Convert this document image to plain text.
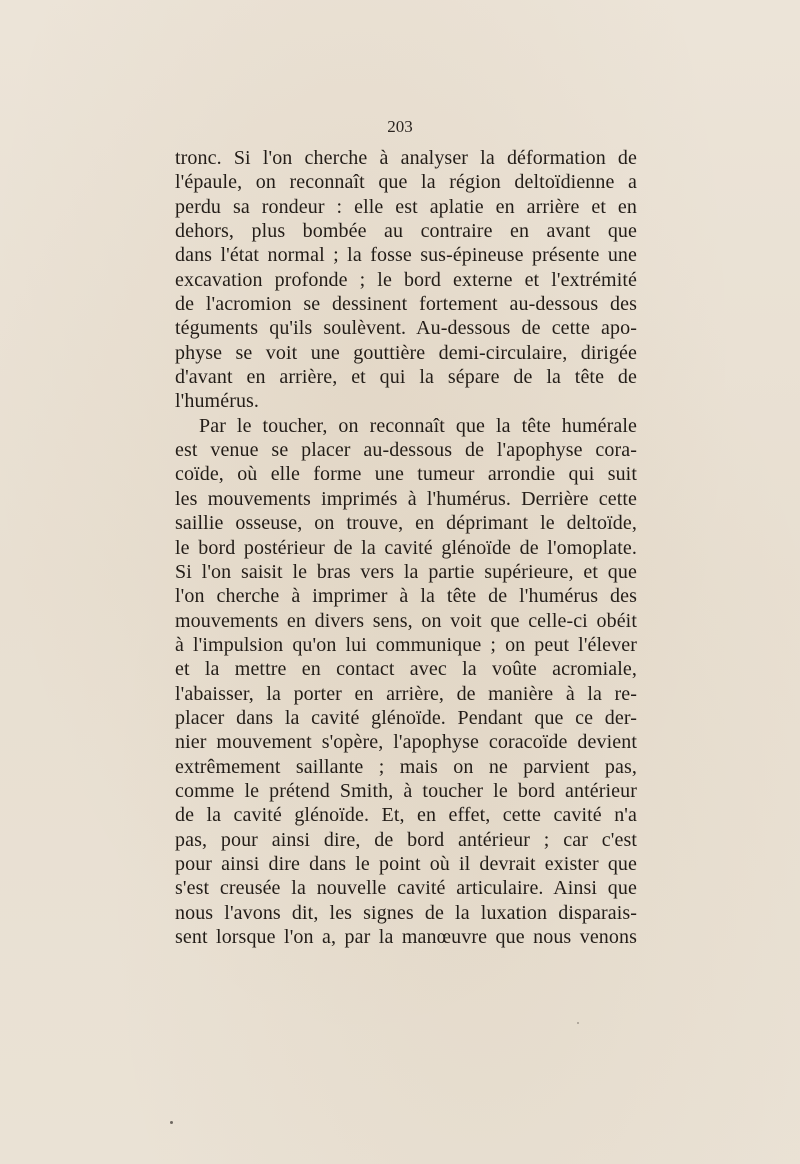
203
tronc. Si l'on cherche à analyser la déformation de
l'épaule, on reconnaît que la région deltoïdienne a
perdu sa rondeur : elle est aplatie en arrière et en
dehors, plus bombée au contraire en avant que
dans l'état normal ; la fosse sus-épineuse présente une
excavation profonde ; le bord externe et l'extrémité
de l'acromion se dessinent fortement au-dessous des
téguments qu'ils soulèvent. Au-dessous de cette apo-
physe se voit une gouttière demi-circulaire, dirigée
d'avant en arrière, et qui la sépare de la tête de
l'humérus.
Par le toucher, on reconnaît que la tête humérale
est venue se placer au-dessous de l'apophyse cora-
coïde, où elle forme une tumeur arrondie qui suit
les mouvements imprimés à l'humérus. Derrière cette
saillie osseuse, on trouve, en déprimant le deltoïde,
le bord postérieur de la cavité glénoïde de l'omoplate.
Si l'on saisit le bras vers la partie supérieure, et que
l'on cherche à imprimer à la tête de l'humérus des
mouvements en divers sens, on voit que celle-ci obéit
à l'impulsion qu'on lui communique ; on peut l'élever
et la mettre en contact avec la voûte acromiale,
l'abaisser, la porter en arrière, de manière à la re-
placer dans la cavité glénoïde. Pendant que ce der-
nier mouvement s'opère, l'apophyse coracoïde devient
extrêmement saillante ; mais on ne parvient pas,
comme le prétend Smith, à toucher le bord antérieur
de la cavité glénoïde. Et, en effet, cette cavité n'a
pas, pour ainsi dire, de bord antérieur ; car c'est
pour ainsi dire dans le point où il devrait exister que
s'est creusée la nouvelle cavité articulaire. Ainsi que
nous l'avons dit, les signes de la luxation disparais-
sent lorsque l'on a, par la manœuvre que nous venons
